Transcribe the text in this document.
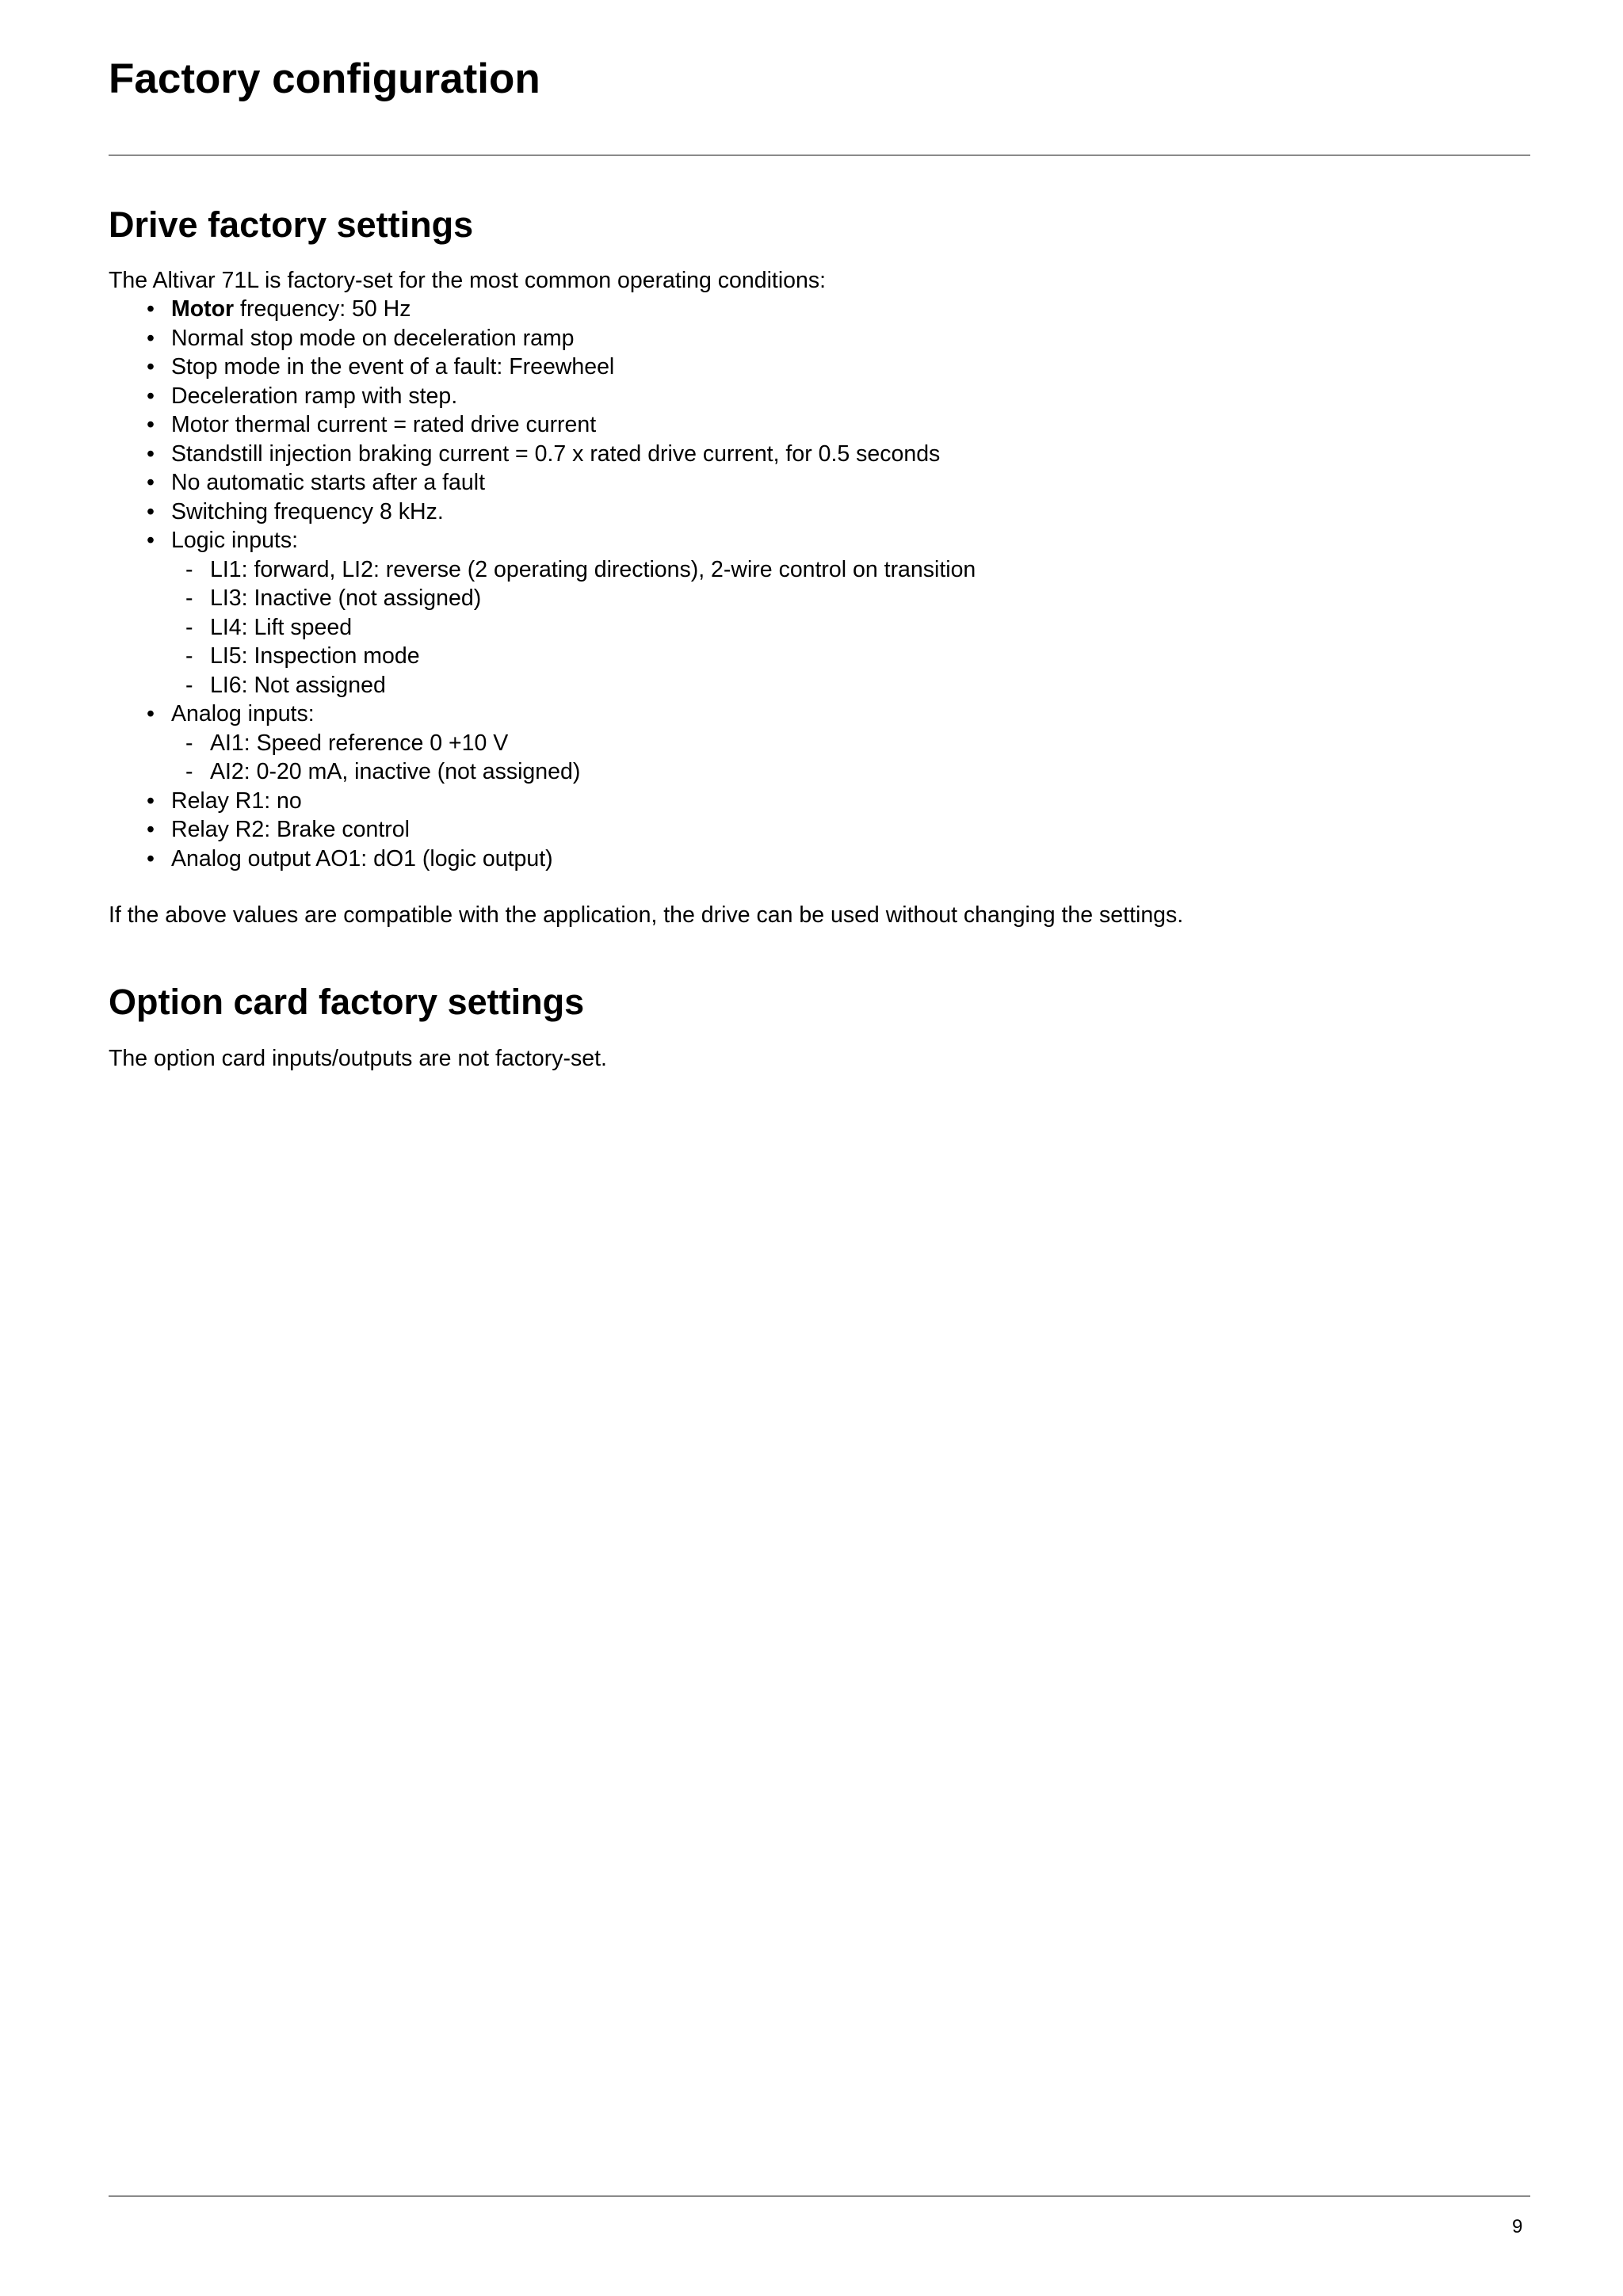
Factory configuration
Drive factory settings

The Altivar 71L is factory-set for the most common operating conditions:

• Motor frequency: 50 Hz
• Normal stop mode on deceleration ramp
• Stop mode in the event of a fault: Freewheel
• Deceleration ramp with step.
• Motor thermal current = rated drive current
• Standstill injection braking current = 0.7 x rated drive current, for 0.5 seconds
• No automatic starts after a fault
• Switching frequency 8 kHz.
• Logic inputs:
- LI1: forward, LI2: reverse (2 operating directions), 2-wire control on transition
- LI3: Inactive (not assigned)
- LI4: Lift speed
- LI5: Inspection mode
- LI6: Not assigned
• Analog inputs:
- AI1: Speed reference 0 +10 V
- AI2: 0-20 mA, inactive (not assigned)
• Relay R1: no
• Relay R2: Brake control
• Analog output AO1: dO1 (logic output)

If the above values are compatible with the application, the drive can be used without changing the settings.

Option card factory settings

The option card inputs/outputs are not factory-set.

9
